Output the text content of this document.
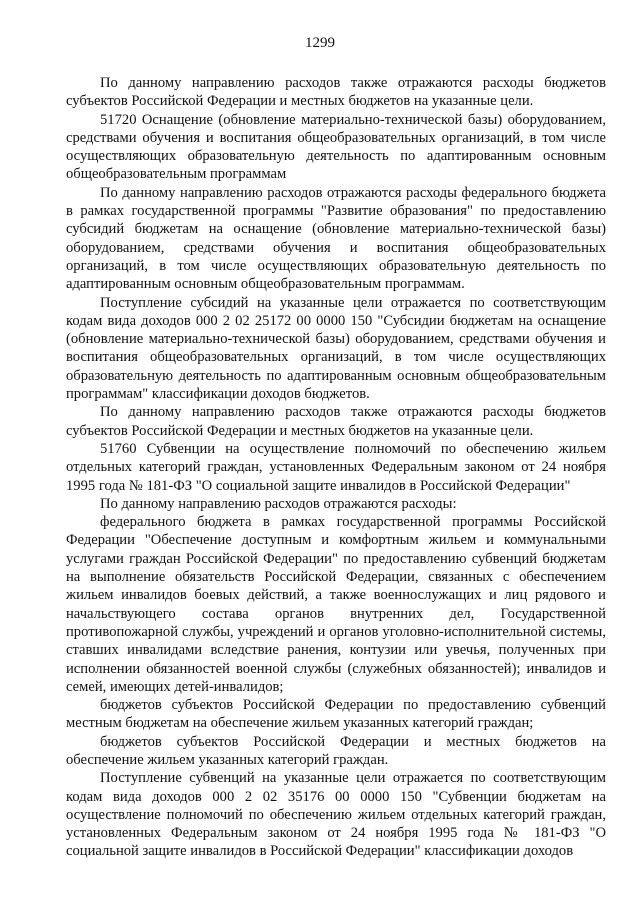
1299

По данному направлению расходов также отражаются расходы бюджетов субъектов Российской Федерации и местных бюджетов на указанные цели.

51720 Оснащение (обновление материально-технической базы) оборудованием, средствами обучения и воспитания общеобразовательных организаций, в том числе осуществляющих образовательную деятельность по адаптированным основным общеобразовательным программам

По данному направлению расходов отражаются расходы федерального бюджета в рамках государственной программы "Развитие образования" по предоставлению субсидий бюджетам на оснащение (обновление материально-технической базы) оборудованием, средствами обучения и воспитания общеобразовательных организаций, в том числе осуществляющих образовательную деятельность по адаптированным основным общеобразовательным программам.

Поступление субсидий на указанные цели отражается по соответствующим кодам вида доходов 000 2 02 25172 00 0000 150 "Субсидии бюджетам на оснащение (обновление материально-технической базы) оборудованием, средствами обучения и воспитания общеобразовательных организаций, в том числе осуществляющих образовательную деятельность по адаптированным основным общеобразовательным программам" классификации доходов бюджетов.

По данному направлению расходов также отражаются расходы бюджетов субъектов Российской Федерации и местных бюджетов на указанные цели.

51760 Субвенции на осуществление полномочий по обеспечению жильем отдельных категорий граждан, установленных Федеральным законом от 24 ноября 1995 года № 181-ФЗ "О социальной защите инвалидов в Российской Федерации"

По данному направлению расходов отражаются расходы:

федерального бюджета в рамках государственной программы Российской Федерации "Обеспечение доступным и комфортным жильем и коммунальными услугами граждан Российской Федерации" по предоставлению субвенций бюджетам на выполнение обязательств Российской Федерации, связанных с обеспечением жильем инвалидов боевых действий, а также военнослужащих и лиц рядового и начальствующего состава органов внутренних дел, Государственной противопожарной службы, учреждений и органов уголовно-исполнительной системы, ставших инвалидами вследствие ранения, контузии или увечья, полученных при исполнении обязанностей военной службы (служебных обязанностей); инвалидов и семей, имеющих детей-инвалидов;

бюджетов субъектов Российской Федерации по предоставлению субвенций местным бюджетам на обеспечение жильем указанных категорий граждан;

бюджетов субъектов Российской Федерации и местных бюджетов на обеспечение жильем указанных категорий граждан.

Поступление субвенций на указанные цели отражается по соответствующим кодам вида доходов 000 2 02 35176 00 0000 150 "Субвенции бюджетам на осуществление полномочий по обеспечению жильем отдельных категорий граждан, установленных Федеральным законом от 24 ноября 1995 года № 181-ФЗ "О социальной защите инвалидов в Российской Федерации" классификации доходов
